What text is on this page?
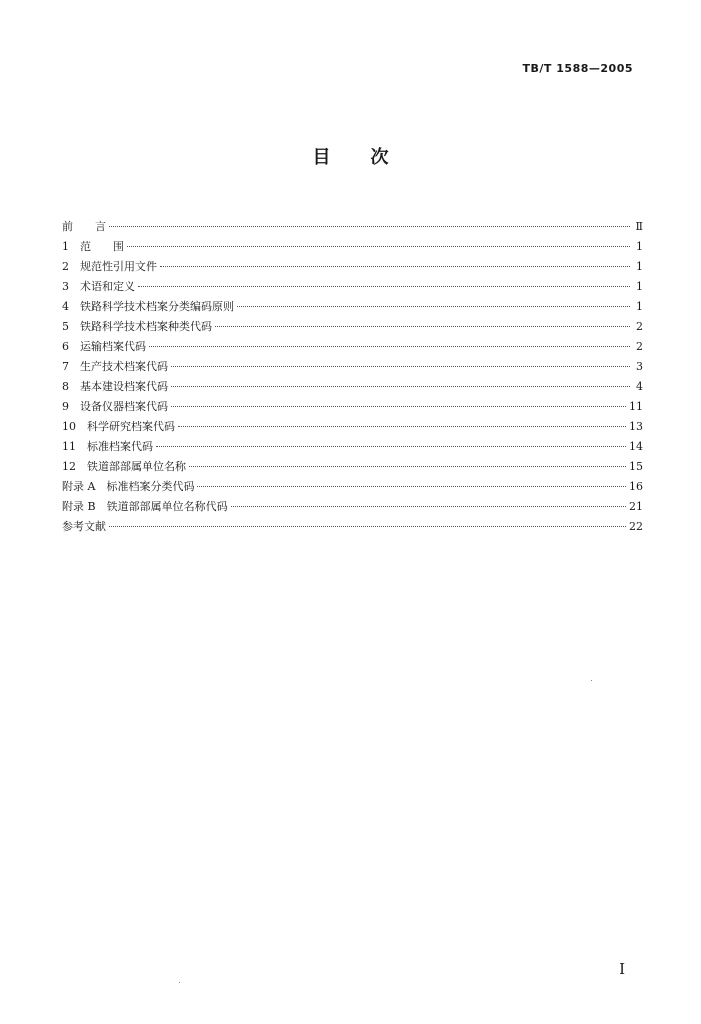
TB/T 1588—2005
目 次
前　　言	Ⅱ
1　范　　围	1
2　规范性引用文件	1
3　术语和定义	1
4　铁路科学技术档案分类编码原则	1
5　铁路科学技术档案种类代码	2
6　运输档案代码	2
7　生产技术档案代码	3
8　基本建设档案代码	4
9　设备仪器档案代码	11
10　科学研究档案代码	13
11　标准档案代码	14
12　铁道部部属单位名称	15
附录 A　标准档案分类代码	16
附录 B　铁道部部属单位名称代码	21
参考文献	22
I
